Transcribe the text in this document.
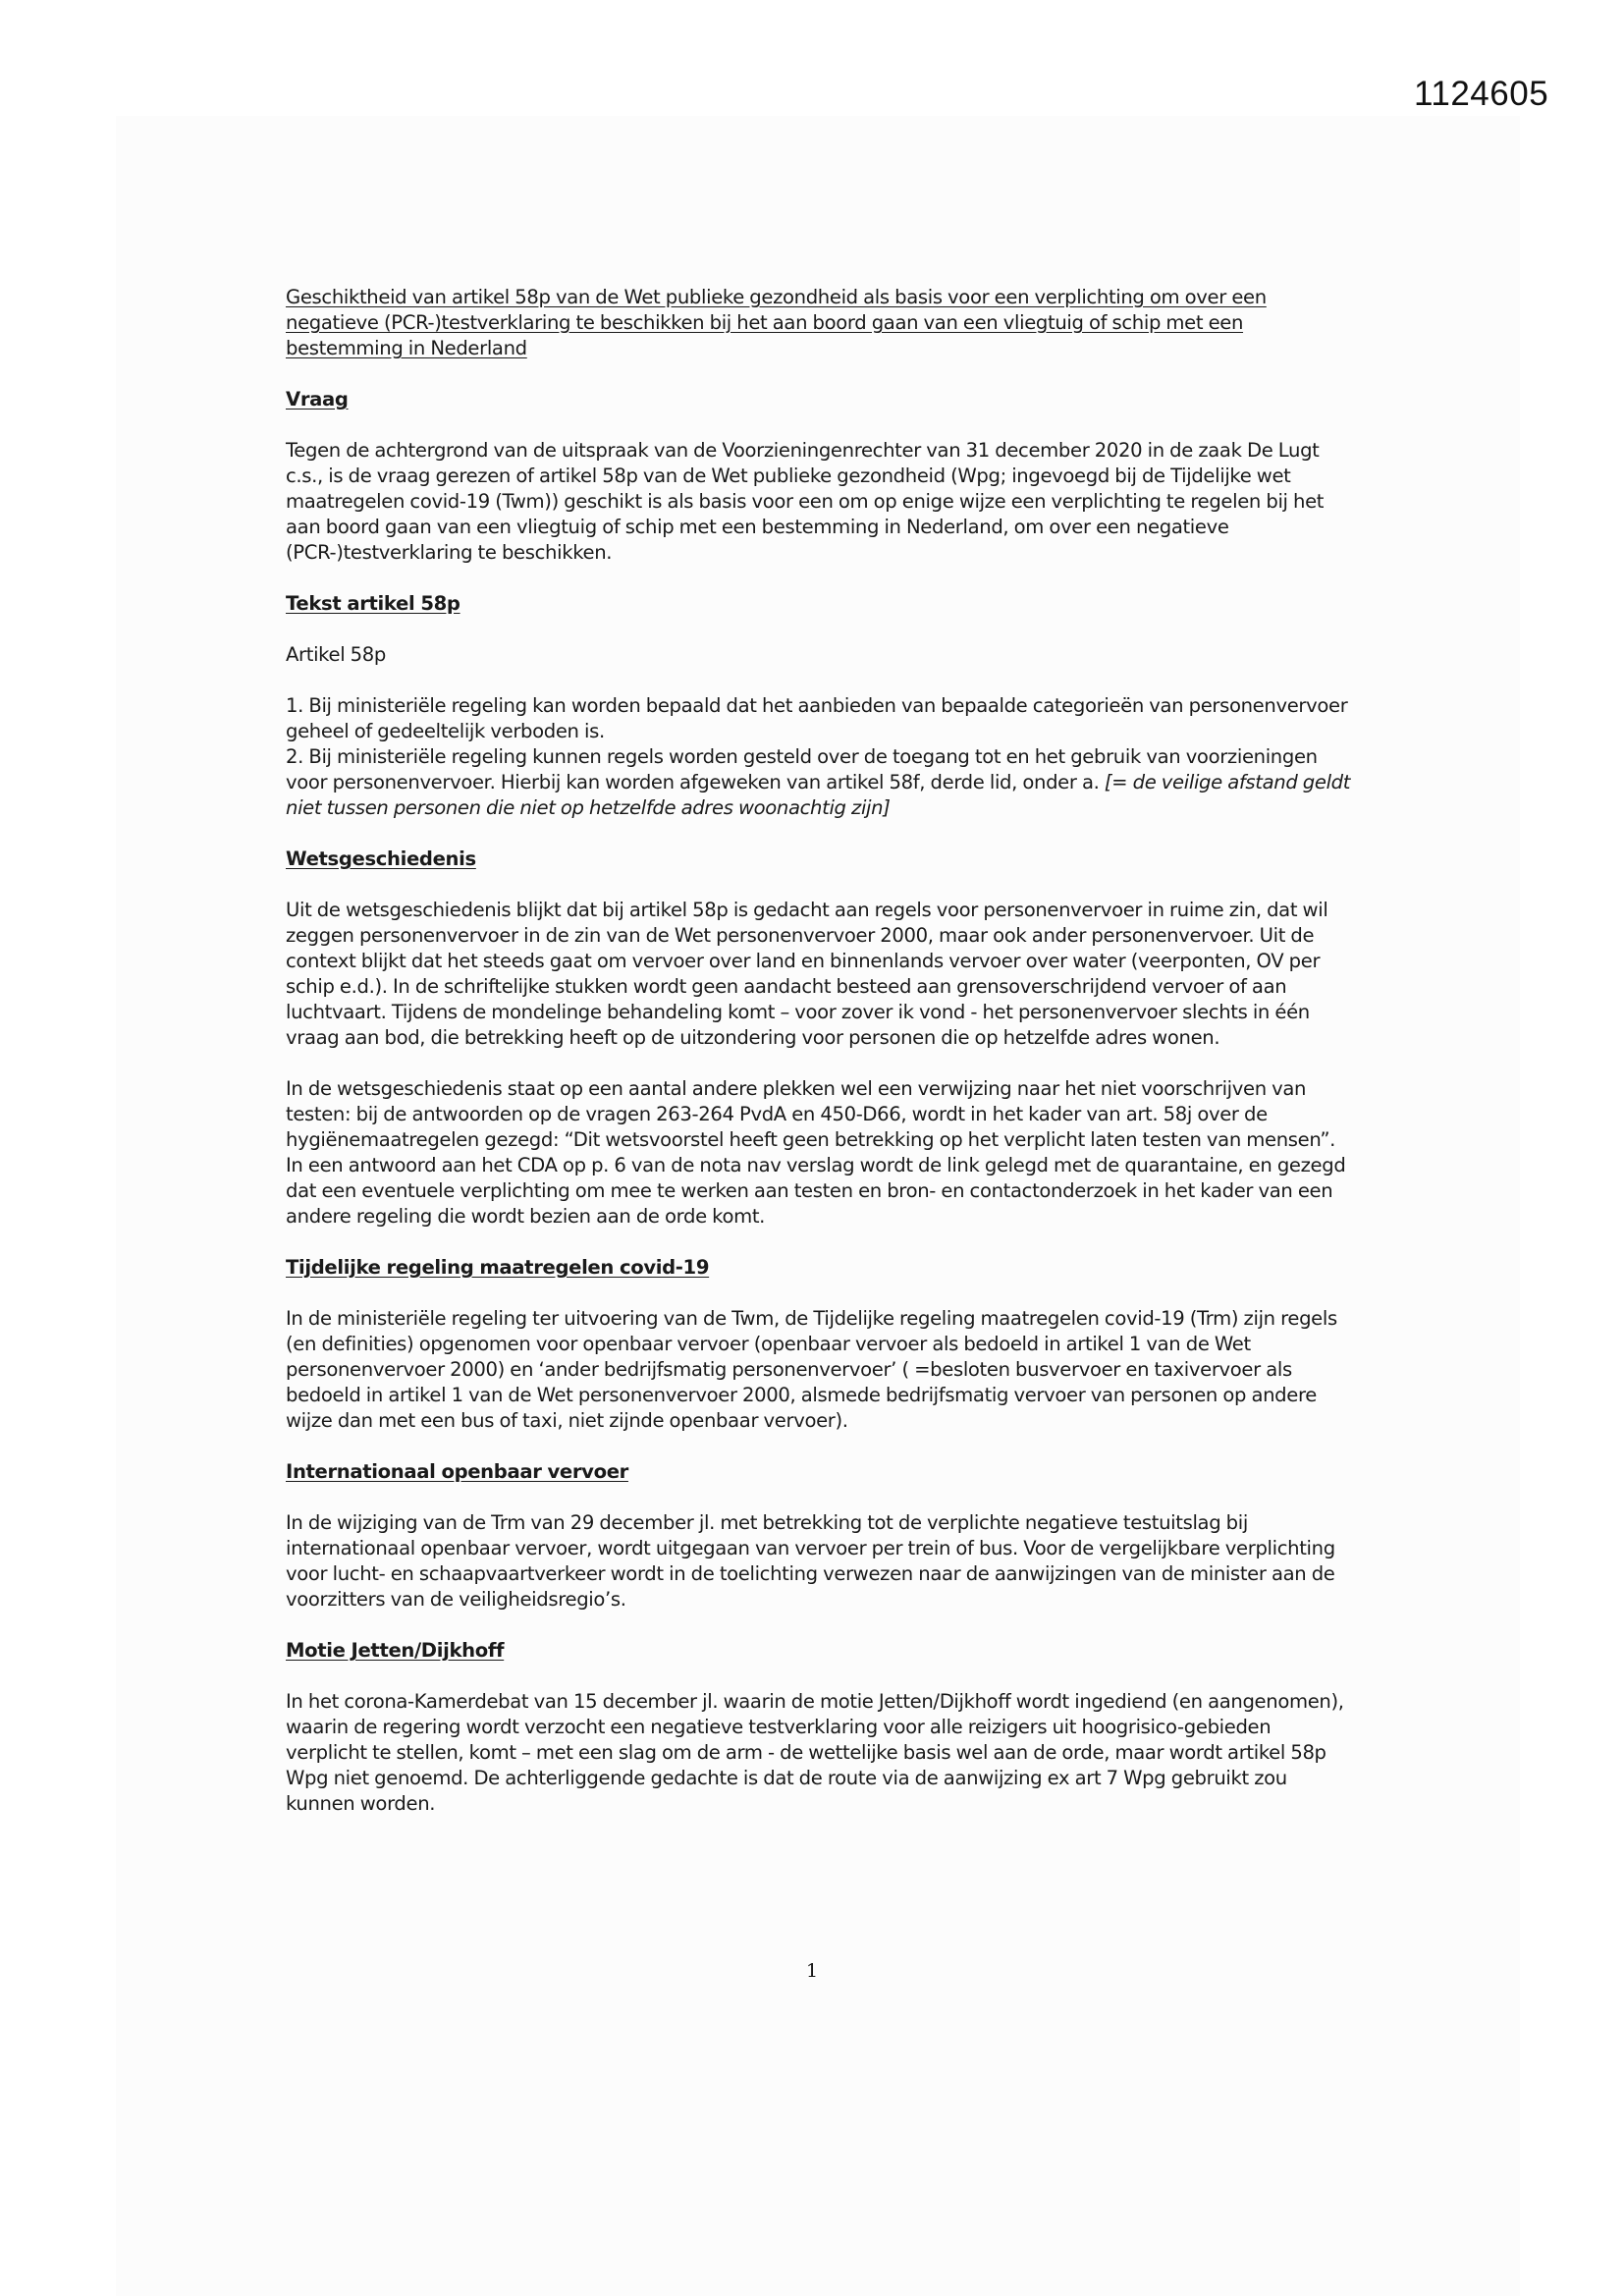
1124605
Geschiktheid van artikel 58p van de Wet publieke gezondheid als basis voor een verplichting om over een negatieve (PCR-)testverklaring te beschikken bij het aan boord gaan van een vliegtuig of schip met een bestemming in Nederland
Vraag

Tegen de achtergrond van de uitspraak van de Voorzieningenrechter van 31 december 2020 in de zaak De Lugt c.s., is de vraag gerezen of artikel 58p van de Wet publieke gezondheid (Wpg; ingevoegd bij de Tijdelijke wet maatregelen covid-19 (Twm)) geschikt is als basis voor een om op enige wijze een verplichting te regelen bij het aan boord gaan van een vliegtuig of schip met een bestemming in Nederland, om over een negatieve (PCR-)testverklaring te beschikken.

Tekst artikel 58p

Artikel 58p

1. Bij ministeriële regeling kan worden bepaald dat het aanbieden van bepaalde categorieën van personenvervoer geheel of gedeeltelijk verboden is.

2. Bij ministeriële regeling kunnen regels worden gesteld over de toegang tot en het gebruik van voorzieningen voor personenvervoer. Hierbij kan worden afgeweken van artikel 58f, derde lid, onder a. [= de veilige afstand geldt niet tussen personen die niet op hetzelfde adres woonachtig zijn]

Wetsgeschiedenis

Uit de wetsgeschiedenis blijkt dat bij artikel 58p is gedacht aan regels voor personenvervoer in ruime zin, dat wil zeggen personenvervoer in de zin van de Wet personenvervoer 2000, maar ook ander personenvervoer. Uit de context blijkt dat het steeds gaat om vervoer over land en binnenlands vervoer over water (veerponten, OV per schip e.d.). In de schriftelijke stukken wordt geen aandacht besteed aan grensoverschrijdend vervoer of aan luchtvaart. Tijdens de mondelinge behandeling komt – voor zover ik vond - het personenvervoer slechts in één vraag aan bod, die betrekking heeft op de uitzondering voor personen die op hetzelfde adres wonen.

In de wetsgeschiedenis staat op een aantal andere plekken wel een verwijzing naar het niet voorschrijven van testen: bij de antwoorden op de vragen 263-264 PvdA en 450-D66, wordt in het kader van art. 58j over de hygiënemaatregelen gezegd: “Dit wetsvoorstel heeft geen betrekking op het verplicht laten testen van mensen”. In een antwoord aan het CDA op p. 6 van de nota nav verslag wordt de link gelegd met de quarantaine, en gezegd dat een eventuele verplichting om mee te werken aan testen en bron- en contactonderzoek in het kader van een andere regeling die wordt bezien aan de orde komt.

Tijdelijke regeling maatregelen covid-19

In de ministeriële regeling ter uitvoering van de Twm, de Tijdelijke regeling maatregelen covid-19 (Trm) zijn regels (en definities) opgenomen voor openbaar vervoer (openbaar vervoer als bedoeld in artikel 1 van de Wet personenvervoer 2000) en ‘ander bedrijfsmatig personenvervoer’ ( =besloten busvervoer en taxivervoer als bedoeld in artikel 1 van de Wet personenvervoer 2000, alsmede bedrijfsmatig vervoer van personen op andere wijze dan met een bus of taxi, niet zijnde openbaar vervoer).

Internationaal openbaar vervoer

In de wijziging van de Trm van 29 december jl. met betrekking tot de verplichte negatieve testuitslag bij internationaal openbaar vervoer, wordt uitgegaan van vervoer per trein of bus. Voor de vergelijkbare verplichting voor lucht- en schaapvaartverkeer wordt in de toelichting verwezen naar de aanwijzingen van de minister aan de voorzitters van de veiligheidsregio’s.

Motie Jetten/Dijkhoff

In het corona-Kamerdebat van 15 december jl. waarin de motie Jetten/Dijkhoff wordt ingediend (en aangenomen), waarin de regering wordt verzocht een negatieve testverklaring voor alle reizigers uit hoogrisico-gebieden verplicht te stellen, komt – met een slag om de arm - de wettelijke basis wel aan de orde, maar wordt artikel 58p Wpg niet genoemd. De achterliggende gedachte is dat de route via de aanwijzing ex art 7 Wpg gebruikt zou kunnen worden.

1
